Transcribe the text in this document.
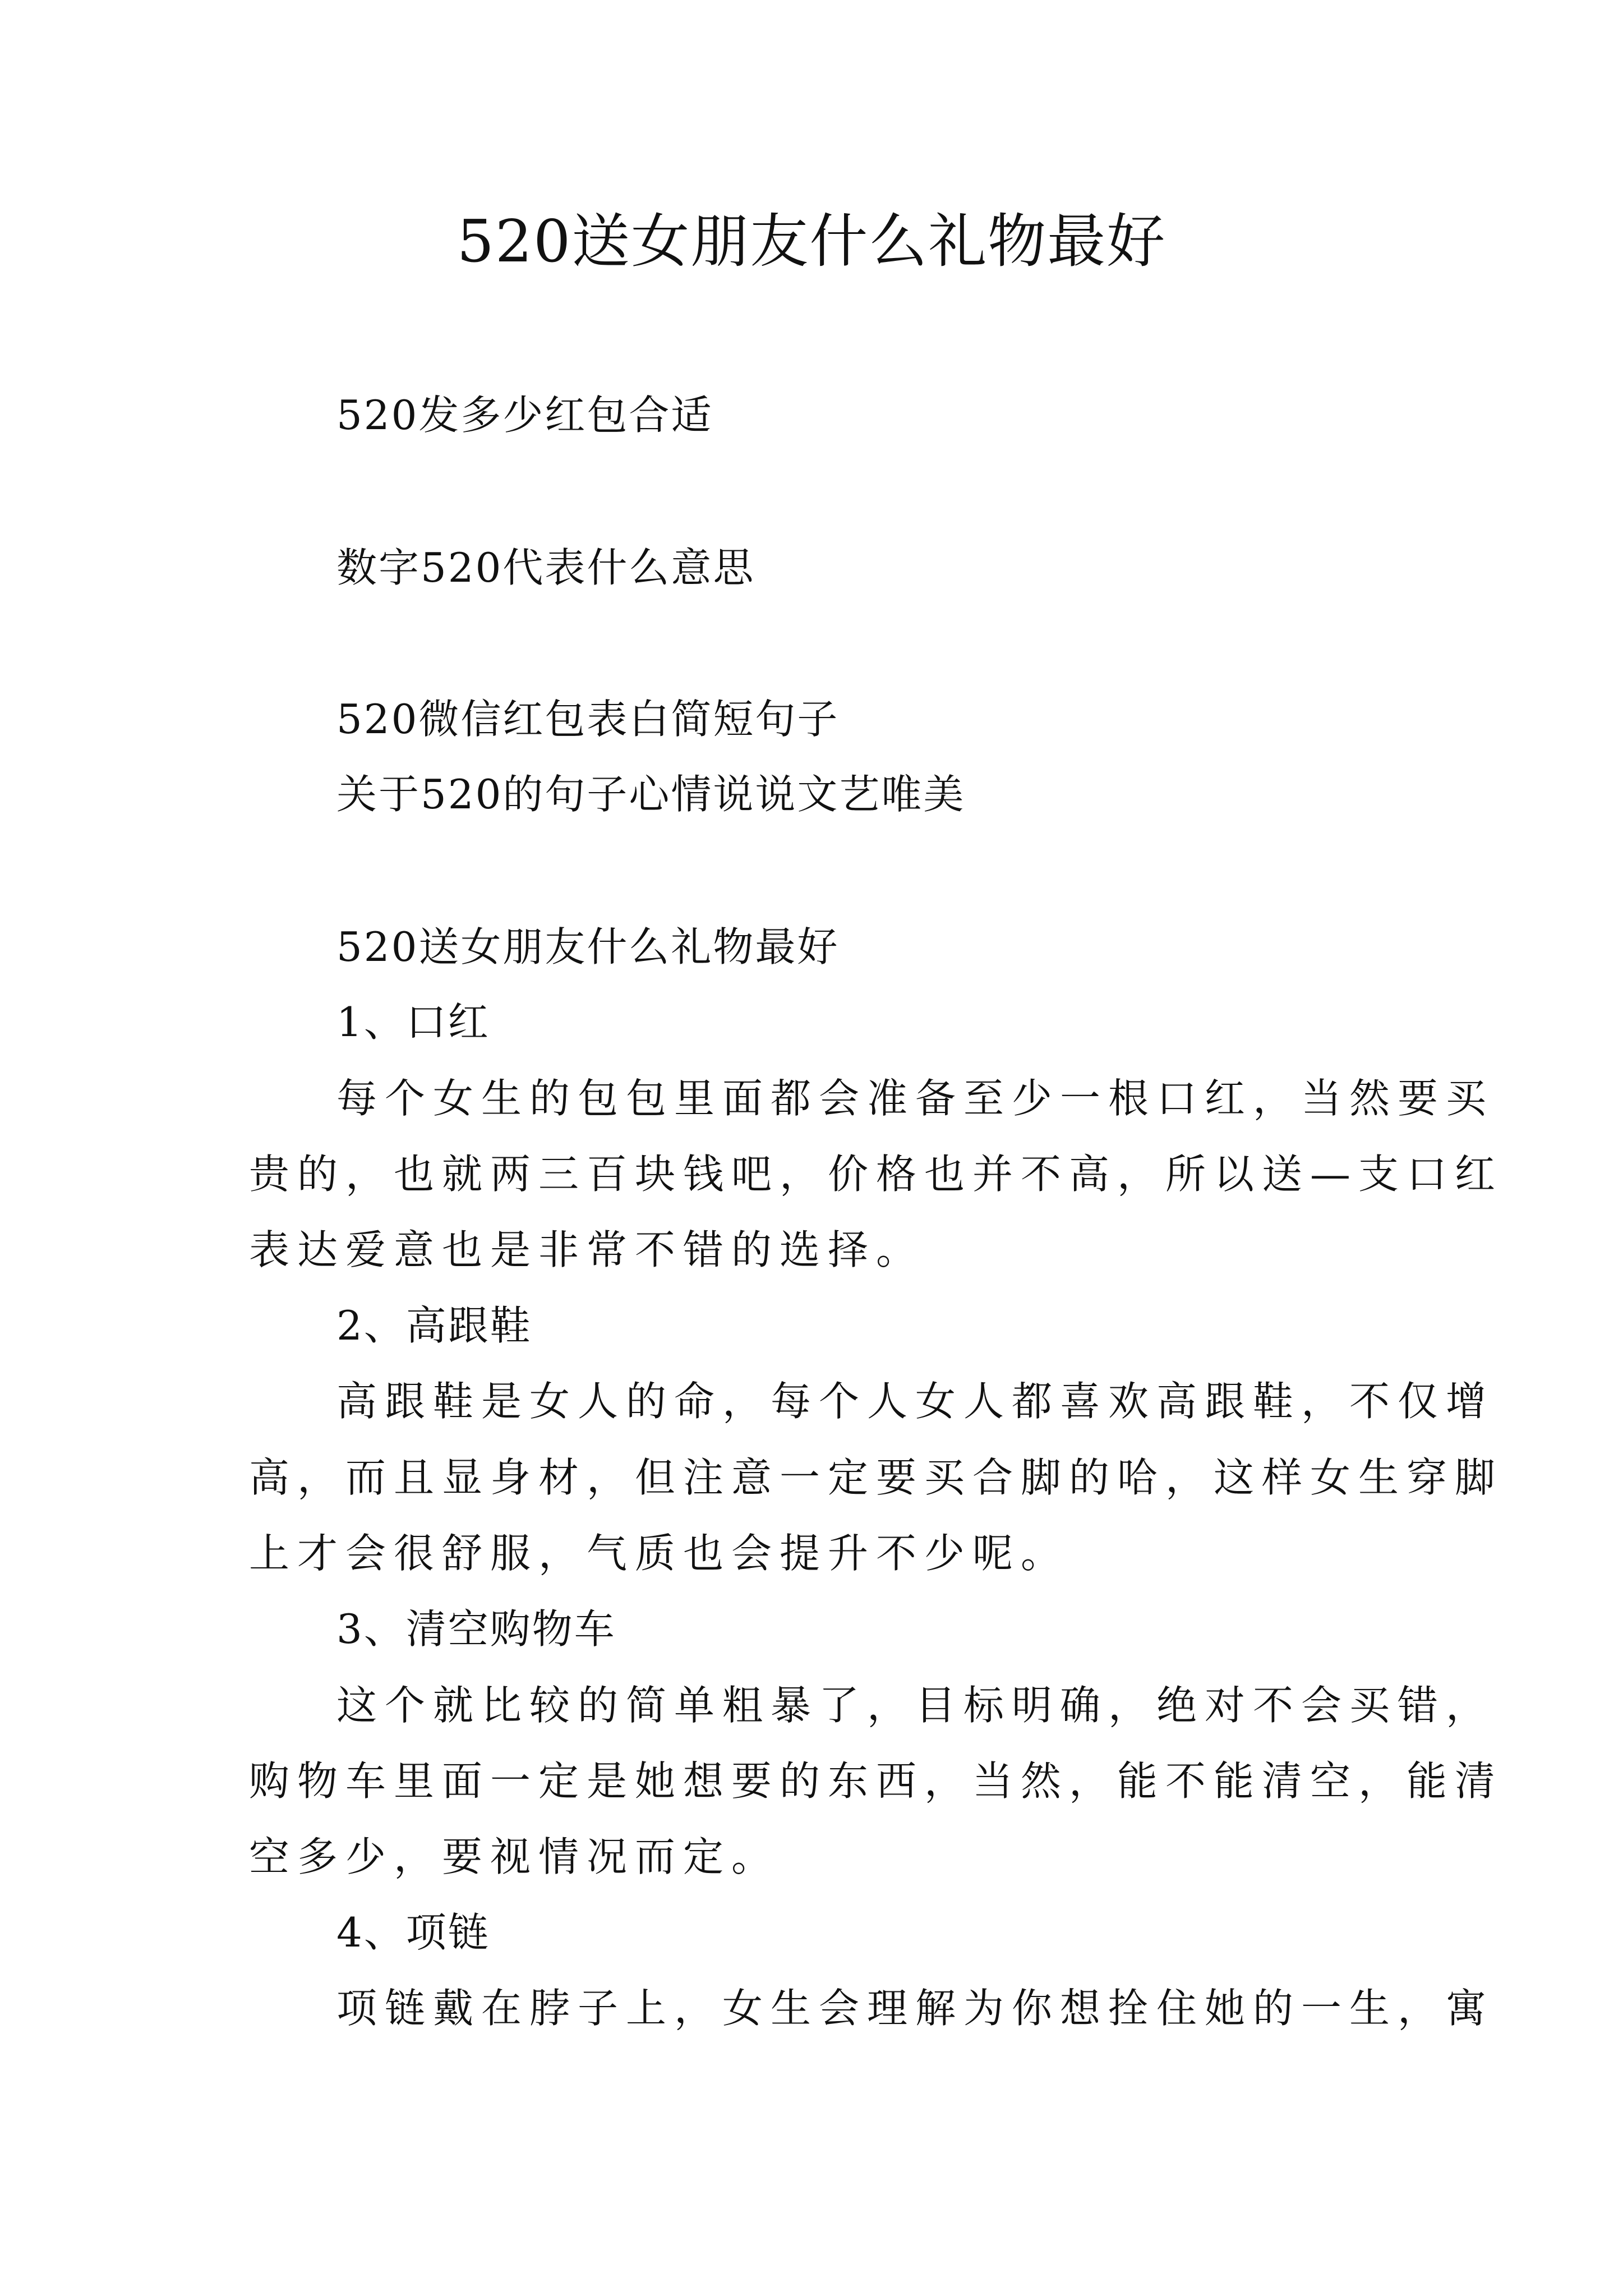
520送女朋友什么礼物最好
520发多少红包合适
数字520代表什么意思
520微信红包表白简短句子
关于520的句子心情说说文艺唯美
520送女朋友什么礼物最好
1、口红
每个女生的包包里面都会准备至少一根口红，当然要买
贵的，也就两三百块钱吧，价格也并不高，所以送—支口红
表达爱意也是非常不错的选择。
2、高跟鞋
高跟鞋是女人的命，每个人女人都喜欢高跟鞋，不仅增
高，而且显身材，但注意一定要买合脚的哈，这样女生穿脚
上才会很舒服，气质也会提升不少呢。
3、清空购物车
这个就比较的简单粗暴了，目标明确，绝对不会买错，
购物车里面一定是她想要的东西，当然，能不能清空，能清
空多少，要视情况而定。
4、项链
项链戴在脖子上，女生会理解为你想拴住她的一生，寓
